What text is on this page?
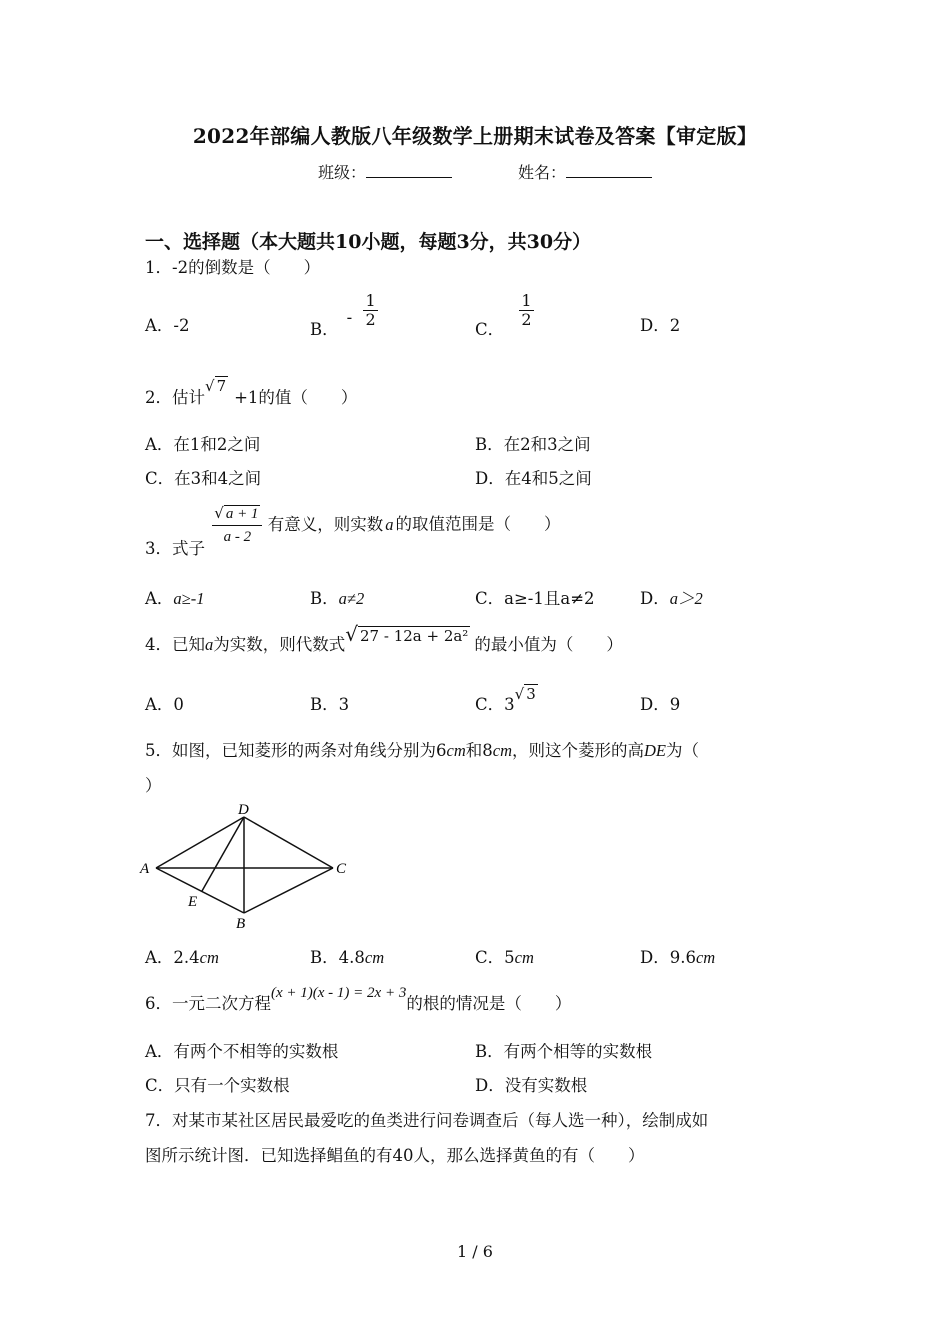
2022年部编人教版八年级数学上册期末试卷及答案【审定版】
班级：	姓名：
一、选择题（本大题共10小题，每题3分，共30分）
1．-2的倒数是（　　）
A．-2	B．- $\frac{1}{2}$
C．
$\frac{1}{2}$	D．2
2．估计√ 7+1的值（　　）
A．在1和2之间	B．在2和3之间
C．在3和4之间	D．在4和5之间
3．式子 $\frac{√ a + 1}{a - 2}$ 有意义，则实数 a 的取值范围是（　　）
A．a≥-1	B．a≠2	C．a≥-1且a≠2	D．a＞2
4．已知a为实数，则代数式√ 27 - 12a + 2a² 的最小值为（　　）
A．0	B．3	C．3√ 3
D．9
5．如图，已知菱形的两条对角线分别为6cm和8cm，则这个菱形的高DE为（
）
A
D
C
B
E
A．2.4cm	B．4.8cm	C．5cm	D．9.6cm
6．一元二次方程(x + 1)(x - 1) = 2x + 3的根的情况是（　　）
A．有两个不相等的实数根	B．有两个相等的实数根
C．只有一个实数根	D．没有实数根
7．对某市某社区居民最爱吃的鱼类进行问卷调查后（每人选一种），绘制成如
图所示统计图．已知选择鲳鱼的有40人，那么选择黄鱼的有（　　）
1 / 6
